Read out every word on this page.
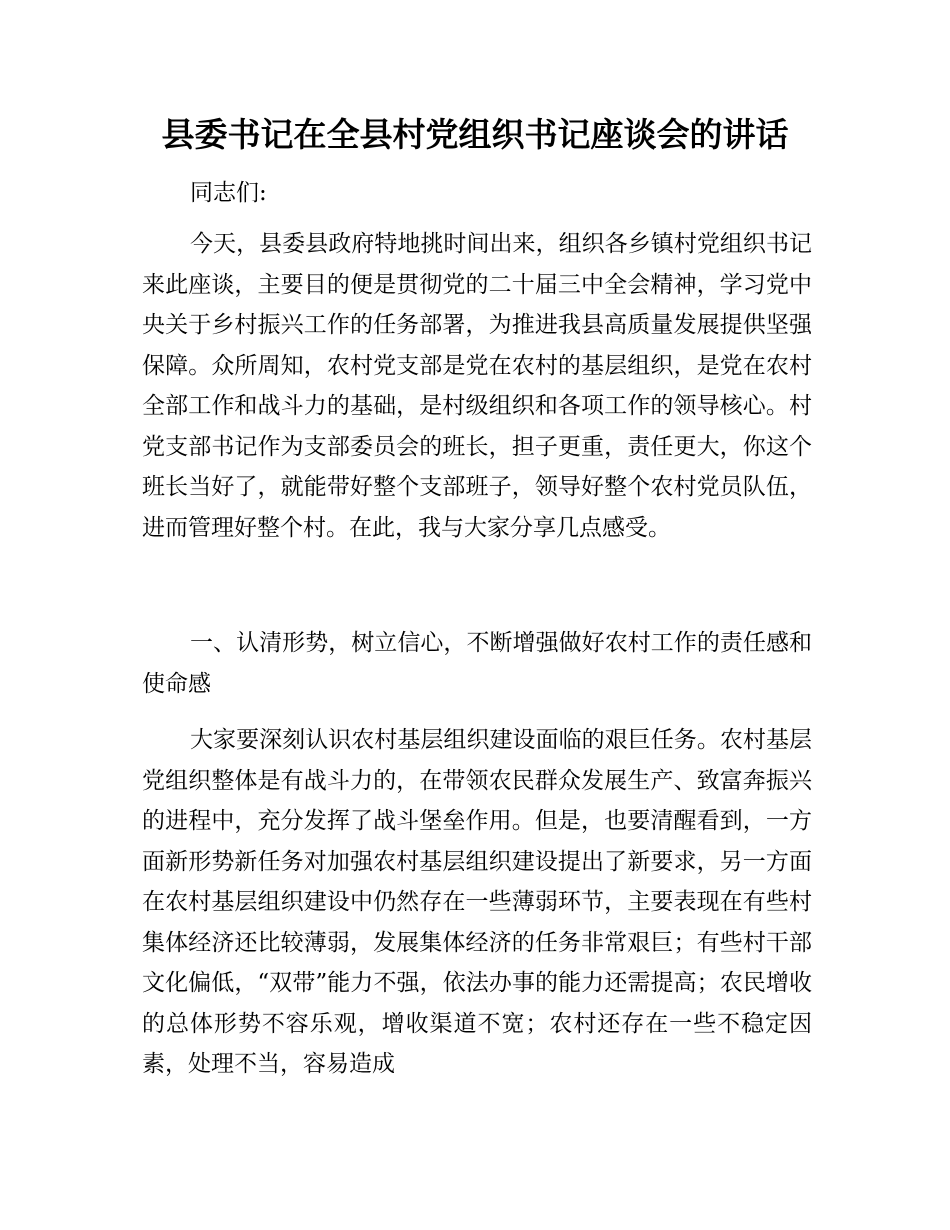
县委书记在全县村党组织书记座谈会的讲话

同志们:

今天，县委县政府特地挑时间出来，组织各乡镇村党组织书记来此座谈，主要目的便是贯彻党的二十届三中全会精神，学习党中央关于乡村振兴工作的任务部署，为推进我县高质量发展提供坚强保障。众所周知，农村党支部是党在农村的基层组织，是党在农村全部工作和战斗力的基础，是村级组织和各项工作的领导核心。村党支部书记作为支部委员会的班长，担子更重，责任更大，你这个班长当好了，就能带好整个支部班子，领导好整个农村党员队伍，进而管理好整个村。在此，我与大家分享几点感受。

一、认清形势，树立信心，不断增强做好农村工作的责任感和使命感

大家要深刻认识农村基层组织建设面临的艰巨任务。农村基层党组织整体是有战斗力的，在带领农民群众发展生产、致富奔振兴的进程中，充分发挥了战斗堡垒作用。但是，也要清醒看到，一方面新形势新任务对加强农村基层组织建设提出了新要求，另一方面在农村基层组织建设中仍然存在一些薄弱环节，主要表现在有些村集体经济还比较薄弱，发展集体经济的任务非常艰巨；有些村干部文化偏低，“双带”能力不强，依法办事的能力还需提高；农民增收的总体形势不容乐观，增收渠道不宽；农村还存在一些不稳定因素，处理不当，容易造成
